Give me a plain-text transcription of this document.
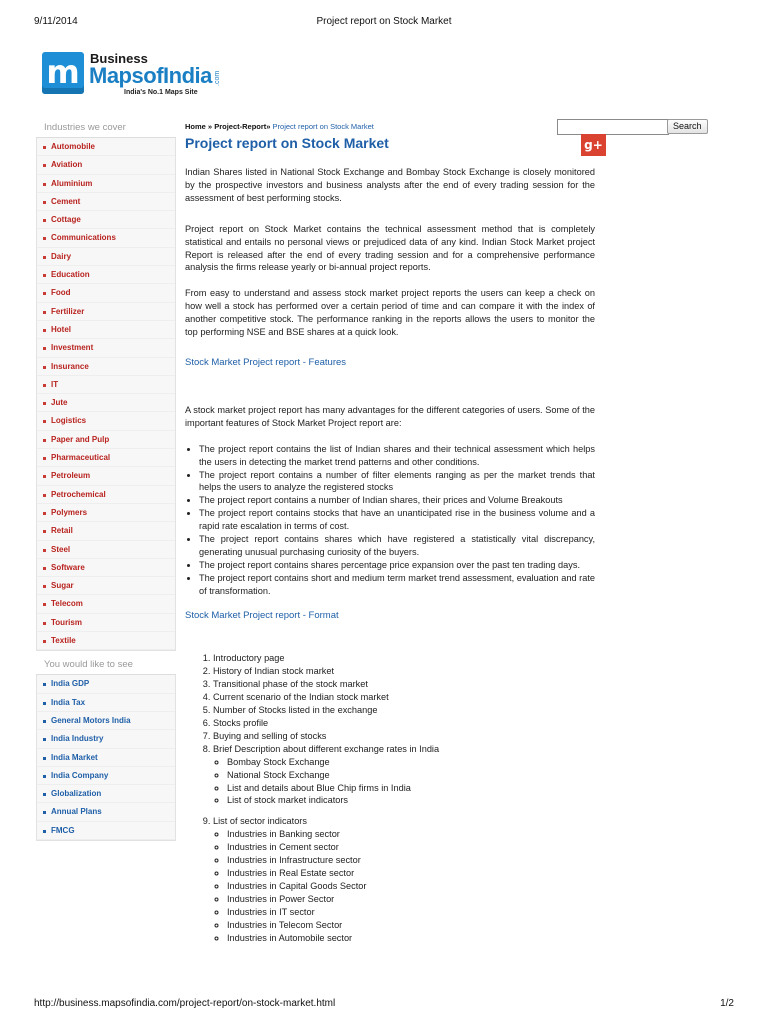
9/11/2014	Project report on Stock Market
m Business
MapsofIndia .com
India's No.1 Maps Site
Search
g+
Industries we cover
Automobile
Aviation
Aluminium
Cement
Cottage
Communications
Dairy
Education
Food
Fertilizer
Hotel
Investment
Insurance
IT
Jute
Logistics
Paper and Pulp
Pharmaceutical
Petroleum
Petrochemical
Polymers
Retail
Steel
Software
Sugar
Telecom
Tourism
Textile
You would like to see
India GDP
India Tax
General Motors India
India Industry
India Market
India Company
Globalization
Annual Plans
FMCG
Home » Project-Report» Project report on Stock Market
Project report on Stock Market

Indian Shares listed in National Stock Exchange and Bombay Stock Exchange is closely monitored by the prospective investors and business analysts after the end of every trading session for the assessment of best performing stocks.

Project report on Stock Market contains the technical assessment method that is completely statistical and entails no personal views or prejudiced data of any kind. Indian Stock Market project Report is released after the end of every trading session and for a comprehensive performance analysis the firms release yearly or bi-annual project reports.

From easy to understand and assess stock market project reports the users can keep a check on how well a stock has performed over a certain period of time and can compare it with the index of another competitive stock. The performance ranking in the reports allows the users to monitor the top performing NSE and BSE shares at a quick look.

Stock Market Project report - Features

A stock market project report has many advantages for the different categories of users. Some of the important features of Stock Market Project report are:

• The project report contains the list of Indian shares and their technical assessment which helps the users in detecting the market trend patterns and other conditions.
• The project report contains a number of filter elements ranging as per the market trends that helps the users to analyze the registered stocks
• The project report contains a number of Indian shares, their prices and Volume Breakouts
• The project report contains stocks that have an unanticipated rise in the business volume and a rapid rate escalation in terms of cost.
• The project report contains shares which have registered a statistically vital discrepancy, generating unusual purchasing curiosity of the buyers.
• The project report contains shares percentage price expansion over the past ten trading days.
• The project report contains short and medium term market trend assessment, evaluation and rate of transformation.
Stock Market Project report - Format
1. Introductory page
2. History of Indian stock market
3. Transitional phase of the stock market
4. Current scenario of the Indian stock market
5. Number of Stocks listed in the exchange
6. Stocks profile
7. Buying and selling of stocks
8. Brief Description about different exchange rates in India
◦ Bombay Stock Exchange
◦ National Stock Exchange
◦ List and details about Blue Chip firms in India
◦ List of stock market indicators
9. List of sector indicators
◦ Industries in Banking sector
◦ Industries in Cement sector
◦ Industries in Infrastructure sector
◦ Industries in Real Estate sector
◦ Industries in Capital Goods Sector
◦ Industries in Power Sector
◦ Industries in IT sector
◦ Industries in Telecom Sector
◦ Industries in Automobile sector
http://business.mapsofindia.com/project-report/on-stock-market.html	1/2
